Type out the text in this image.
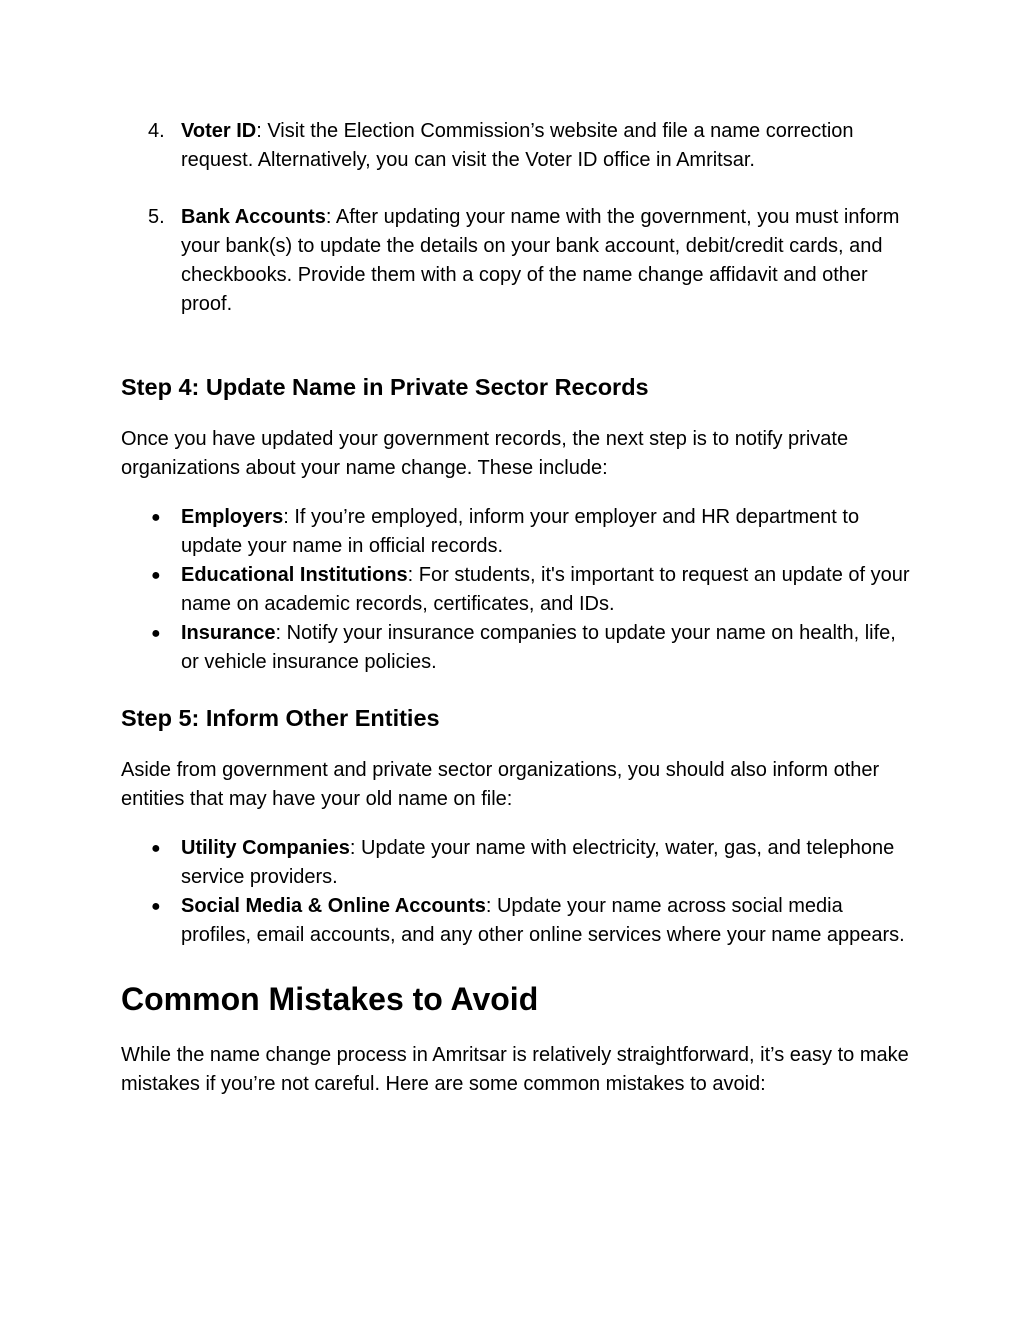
4. Voter ID: Visit the Election Commission’s website and file a name correction request. Alternatively, you can visit the Voter ID office in Amritsar.
5. Bank Accounts: After updating your name with the government, you must inform your bank(s) to update the details on your bank account, debit/credit cards, and checkbooks. Provide them with a copy of the name change affidavit and other proof.
Step 4: Update Name in Private Sector Records

Once you have updated your government records, the next step is to notify private organizations about your name change. These include:

● Employers: If you’re employed, inform your employer and HR department to update your name in official records.
● Educational Institutions: For students, it's important to request an update of your name on academic records, certificates, and IDs.
● Insurance: Notify your insurance companies to update your name on health, life, or vehicle insurance policies.
Step 5: Inform Other Entities

Aside from government and private sector organizations, you should also inform other entities that may have your old name on file:

● Utility Companies: Update your name with electricity, water, gas, and telephone service providers.
● Social Media & Online Accounts: Update your name across social media profiles, email accounts, and any other online services where your name appears.
Common Mistakes to Avoid

While the name change process in Amritsar is relatively straightforward, it’s easy to make mistakes if you’re not careful. Here are some common mistakes to avoid:
